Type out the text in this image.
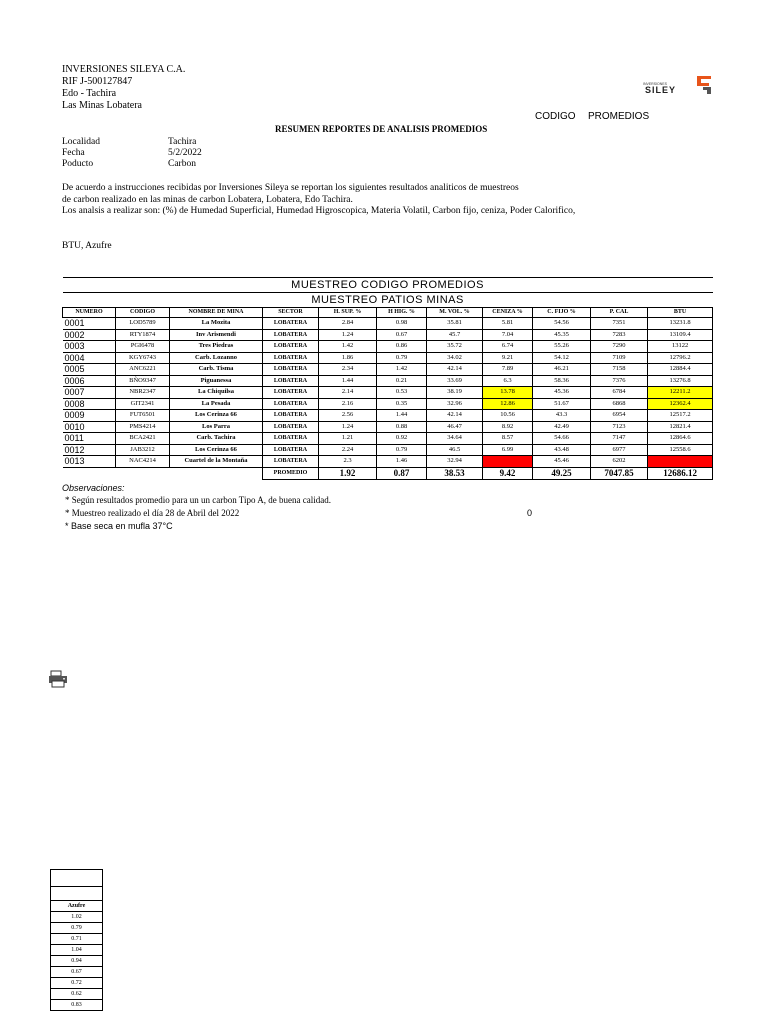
INVERSIONES SILEYA C.A.
RIF J-500127847
Edo - Tachira
Las Minas Lobatera
INVERSIONES
SILEY
CODIGO PROMEDIOS
RESUMEN REPORTES DE ANALISIS PROMEDIOS
Localidad	Tachira
Fecha	5/2/2022
Poducto	Carbon
De acuerdo a instrucciones recibidas por Inversiones Sileya se reportan los siguientes resultados analiticos de muestreos
de carbon realizado en las minas de carbon Lobatera, Lobatera, Edo Tachira.
Los analsis a realizar son: (%) de Humedad Superficial, Humedad Higroscopica, Materia Volatil, Carbon fijo, ceniza, Poder Calorifico,
BTU, Azufre
MUESTREO CODIGO PROMEDIOS										
MUESTREO PATIOS MINAS										
NUMERO	CODIGO	NOMBRE DE MINA	SECTOR	H. SUP. %	H HIG. %	M. VOL. %	CENIZA %	C. FIJO %	P. CAL	BTU
0001	LOD5789	La Mozita	LOBATERA	2.84	0.98	35.81	5.81	54.56	7351	13231.8
0002	RTY1874	Inv Arismendi	LOBATERA	1.24	0.67	45.7	7.04	45.35	7283	13109.4
0003	PGI6478	Tres Piedras	LOBATERA	1.42	0.86	35.72	6.74	55.26	7290	13122
0004	KGY6743	Carb. Lozanno	LOBATERA	1.86	0.79	34.02	9.21	54.12	7109	12796.2
0005	ANC6221	Carb. Tisma	LOBATERA	2.34	1.42	42.14	7.89	46.21	7158	12884.4
0006	BÑO9347	Piguanessa	LOBATERA	1.44	0.21	33.69	6.3	58.36	7376	13276.8
0007	NBR2347	La Chiquilsa	LOBATERA	2.14	0.53	38.19	13.78	45.36	6784	12211.2
0008	GIT2341	La Pesada	LOBATERA	2.16	0.35	32.96	12.86	51.67	6868	12362.4
0009	FUT6501	Los Cerinza 66	LOBATERA	2.56	1.44	42.14	10.56	43.3	6954	12517.2
0010	PMS4214	Los Parra	LOBATERA	1.24	0.88	46.47	8.92	42.49	7123	12821.4
0011	BCA2421	Carb. Tachira	LOBATERA	1.21	0.92	34.64	8.57	54.66	7147	12864.6
0012	JAB3212	Los Cerinza 66	LOBATERA	2.24	0.79	46.5	6.99	43.48	6977	12558.6
0013	NAC4214	Cuartel de la Montaña	LOBATERA	2.3	1.46	32.94		45.46	6202	
			PROMEDIO	1.92	0.87	38.53	9.42	49.25	7047.85	12686.12
Observaciones:
* Según resultados promedio para un un carbon Tipo A, de buena calidad.
* Muestreo realizado el día 28 de Abril del 2022
* Base seca en mufla 37°C
0

Azufre
1.02
0.79
0.71
1.04
0.94
0.67
0.72
0.62
0.83
